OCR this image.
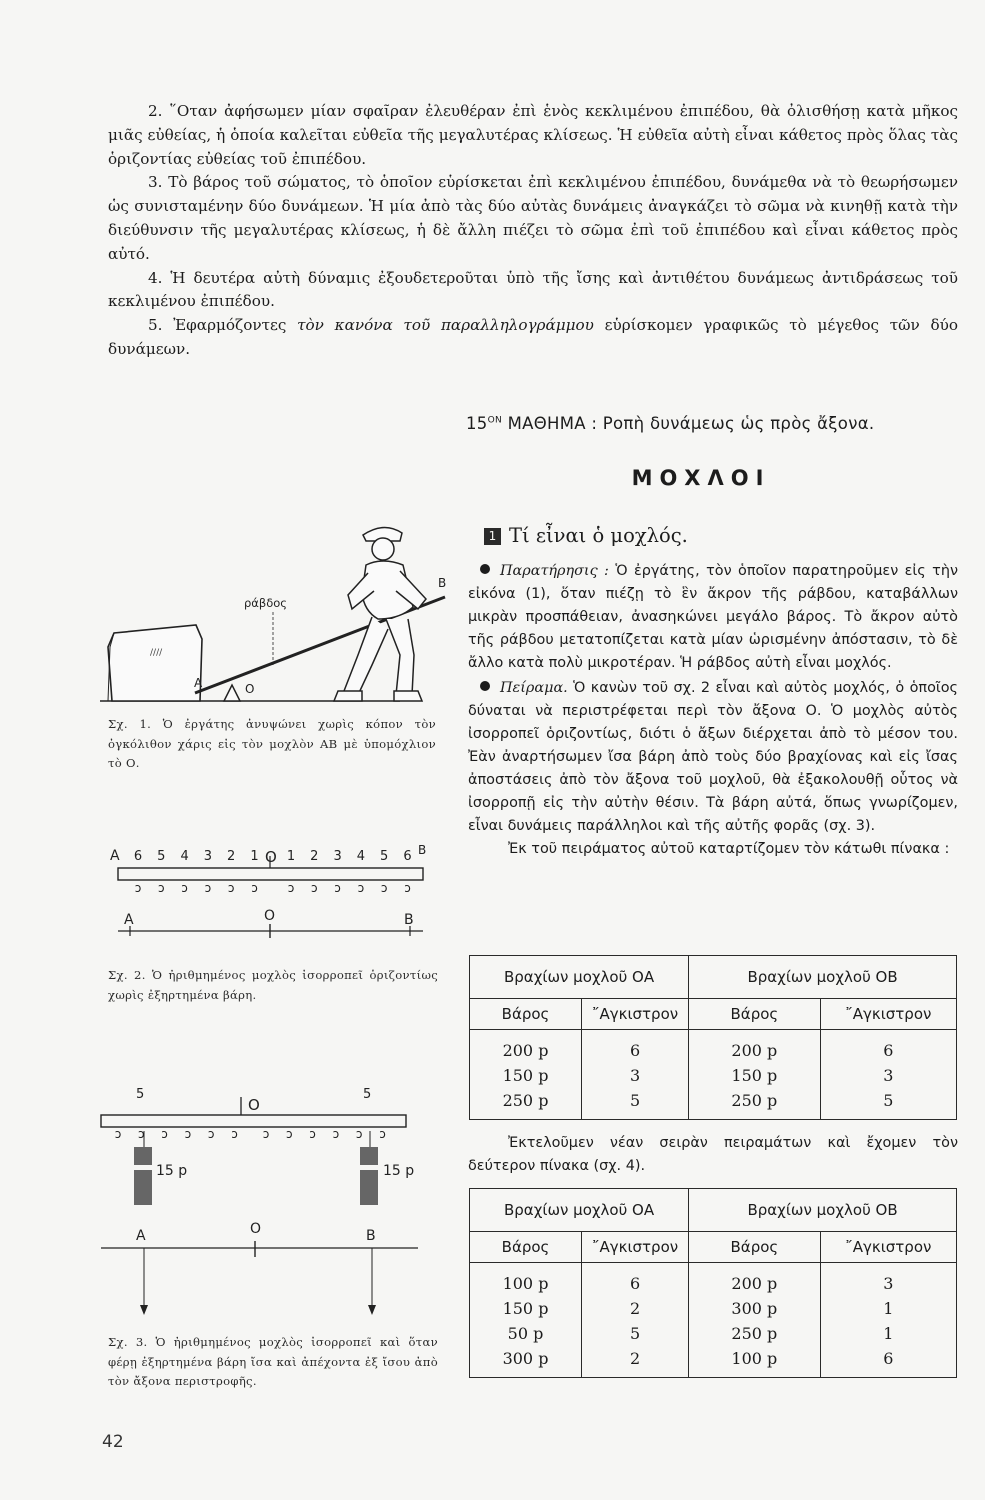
2. ῞Οταν ἀφήσωμεν μίαν σφαῖραν ἐλευθέραν ἐπὶ ἑνὸς κεκλιμένου ἐπιπέδου, θὰ ὀλισθήσῃ κατὰ μῆκος μιᾶς εὐθείας, ἡ ὁποία καλεῖται εὐθεῖα τῆς μεγαλυτέρας κλίσεως. Ἡ εὐθεῖα αὐτὴ εἶναι κάθετος πρὸς ὅλας τὰς ὁριζοντίας εὐθείας τοῦ ἐπιπέδου.

3. Τὸ βάρος τοῦ σώματος, τὸ ὁποῖον εὑρίσκεται ἐπὶ κεκλιμένου ἐπιπέδου, δυνάμεθα νὰ τὸ θεωρήσωμεν ὡς συνισταμένην δύο δυνάμεων. Ἡ μία ἀπὸ τὰς δύο αὐτὰς δυνάμεις ἀναγκάζει τὸ σῶμα νὰ κινηθῇ κατὰ τὴν διεύθυνσιν τῆς μεγαλυτέρας κλίσεως, ἡ δὲ ἄλλη πιέζει τὸ σῶμα ἐπὶ τοῦ ἐπιπέδου καὶ εἶναι κάθετος πρὸς αὐτό.

4. Ἡ δευτέρα αὐτὴ δύναμις ἐξουδετεροῦται ὑπὸ τῆς ἴσης καὶ ἀντιθέτου δυνάμεως ἀντιδράσεως τοῦ κεκλιμένου ἐπιπέδου.

5. Ἐφαρμόζοντες τὸν κανόνα τοῦ παραλληλογράμμου εὑρίσκομεν γραφικῶς τὸ μέγεθος τῶν δύο δυνάμεων.

$15^{ON}$ ΜΑΘΗΜΑ : Ροπὴ δυνάμεως ὡς πρὸς ἄξονα.
ΜΟΧΛΟΙ
1 Τί εἶναι ὁ μοχλός.

Παρατήρησις : Ὁ ἐργάτης, τὸν ὁποῖον παρατηροῦμεν εἰς τὴν εἰκόνα (1), ὅταν πιέζῃ τὸ ἓν ἄκρον τῆς ράβδου, καταβάλλων μικρὰν προσπάθειαν, ἀνασηκώνει μεγάλο βάρος. Τὸ ἄκρον αὐτὸ τῆς ράβδου μετατοπίζεται κατὰ μίαν ὡρισμένην ἀπόστασιν, τὸ δὲ ἄλλο κατὰ πολὺ μικροτέραν. Ἡ ράβδος αὐτὴ εἶναι μοχλός.

Πείραμα. Ὁ κανὼν τοῦ σχ. 2 εἶναι καὶ αὐτὸς μοχλός, ὁ ὁποῖος δύναται νὰ περιστρέφεται περὶ τὸν ἄξονα Ο. Ὁ μοχλὸς αὐτὸς ἰσορροπεῖ ὁριζοντίως, διότι ὁ ἄξων διέρχεται ἀπὸ τὸ μέσον του. Ἐὰν ἀναρτήσωμεν ἴσα βάρη ἀπὸ τοὺς δύο βραχίονας καὶ εἰς ἴσας ἀποστάσεις ἀπὸ τὸν ἄξονα τοῦ μοχλοῦ, θὰ ἐξακολουθῇ οὗτος νὰ ἰσορροπῇ εἰς τὴν αὐτὴν θέσιν. Τὰ βάρη αὐτά, ὅπως γνωρίζομεν, εἶναι δυνάμεις παράλληλοι καὶ τῆς αὐτῆς φορᾶς (σχ. 3).

Ἐκ τοῦ πειράματος αὐτοῦ καταρτίζομεν τὸν κάτωθι πίνακα :

Βραχίων μοχλοῦ ΟΑ		Βραχίων μοχλοῦ ΟΒ	
Βάρος	῎Αγκιστρον	Βάρος	῎Αγκιστρον
200 p	6	200 p	6
150 p	3	150 p	3
250 p	5	250 p	5
Ἐκτελοῦμεν νέαν σειρὰν πειραμάτων καὶ ἔχομεν τὸν δεύτερον πίνακα (σχ. 4).
Βραχίων μοχλοῦ ΟΑ		Βραχίων μοχλοῦ ΟΒ	
Βάρος	῎Αγκιστρον	Βάρος	῎Αγκιστρον
100 p	6	200 p	3
150 p	2	300 p	1
50 p	5	250 p	1
300 p	2	100 p	6
////
ράβδος
A	O
B
Σχ. 1. Ὁ ἐργάτης ἀνυψώνει χωρὶς κόπον τὸν ὀγκόλιθον χάρις εἰς τὸν μοχλὸν ΑΒ μὲ ὑπομόχλιον τὸ Ο.
6 5 4 3 2 1 1 2 3 4 5 6
A	O	B
ɔ	ɔ
ɔ	ɔ
ɔ	ɔ
ɔ	ɔ
ɔ	ɔ
ɔ	ɔ
A	O	B
Σχ. 2. Ὁ ἠριθμημένος μοχλὸς ἰσορροπεῖ ὁριζοντίως χωρὶς ἐξηρτημένα βάρη.
5	5
O
ɔ	ɔ
ɔ	ɔ
ɔ	ɔ
ɔ	ɔ
ɔ	ɔ
ɔ	ɔ
15 p	15 p
A	O	B
Σχ. 3. Ὁ ἠριθμημένος μοχλὸς ἰσορροπεῖ καὶ ὅταν φέρῃ ἐξηρτημένα βάρη ἴσα καὶ ἀπέχοντα ἐξ ἴσου ἀπὸ τὸν ἄξονα περιστροφῆς.
42
